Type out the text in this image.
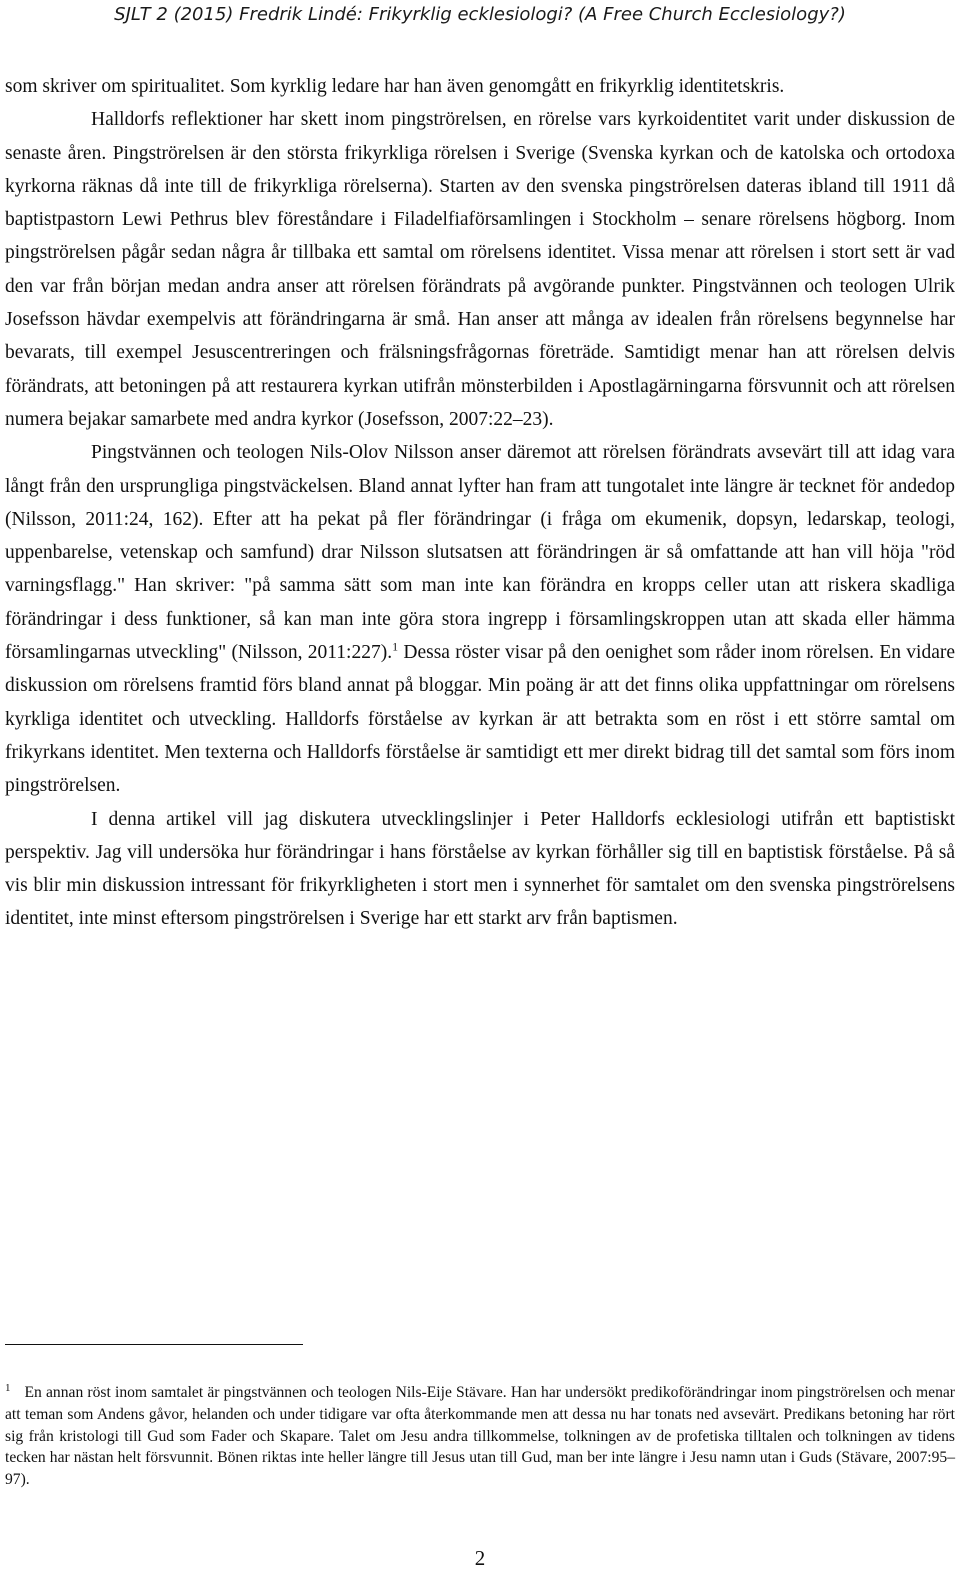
SJLT 2 (2015) Fredrik Lindé: Frikyrklig ecklesiologi? (A Free Church Ecclesiology?)

som skriver om spiritualitet. Som kyrklig ledare har han även genomgått en frikyrklig identitetskris.

Halldorfs reflektioner har skett inom pingströrelsen, en rörelse vars kyrkoidentitet varit under diskussion de senaste åren. Pingströrelsen är den största frikyrkliga rörelsen i Sverige (Svenska kyrkan och de katolska och ortodoxa kyrkorna räknas då inte till de frikyrkliga rörelserna). Starten av den svenska pingströrelsen dateras ibland till 1911 då baptistpastorn Lewi Pethrus blev föreståndare i Filadelfiaförsamlingen i Stockholm – senare rörelsens högborg. Inom pingströrelsen pågår sedan några år tillbaka ett samtal om rörelsens identitet. Vissa menar att rörelsen i stort sett är vad den var från början medan andra anser att rörelsen förändrats på avgörande punkter. Pingstvännen och teologen Ulrik Josefsson hävdar exempelvis att förändringarna är små. Han anser att många av idealen från rörelsens begynnelse har bevarats, till exempel Jesuscentreringen och frälsningsfrågornas företräde. Samtidigt menar han att rörelsen delvis förändrats, att betoningen på att restaurera kyrkan utifrån mönsterbilden i Apostlagärningarna försvunnit och att rörelsen numera bejakar samarbete med andra kyrkor (Josefsson, 2007:22–23).

Pingstvännen och teologen Nils-Olov Nilsson anser däremot att rörelsen förändrats avsevärt till att idag vara långt från den ursprungliga pingstväckelsen. Bland annat lyfter han fram att tungotalet inte längre är tecknet för andedop (Nilsson, 2011:24, 162). Efter att ha pekat på fler förändringar (i fråga om ekumenik, dopsyn, ledarskap, teologi, uppenbarelse, vetenskap och samfund) drar Nilsson slutsatsen att förändringen är så omfattande att han vill höja "röd varningsflagg." Han skriver: "på samma sätt som man inte kan förändra en kropps celler utan att riskera skadliga förändringar i dess funktioner, så kan man inte göra stora ingrepp i församlingskroppen utan att skada eller hämma församlingarnas utveckling" (Nilsson, 2011:227).$^1$ Dessa röster visar på den oenighet som råder inom rörelsen. En vidare diskussion om rörelsens framtid förs bland annat på bloggar. Min poäng är att det finns olika uppfattningar om rörelsens kyrkliga identitet och utveckling. Halldorfs förståelse av kyrkan är att betrakta som en röst i ett större samtal om frikyrkans identitet. Men texterna och Halldorfs förståelse är samtidigt ett mer direkt bidrag till det samtal som förs inom pingströrelsen.

I denna artikel vill jag diskutera utvecklingslinjer i Peter Halldorfs ecklesiologi utifrån ett baptistiskt perspektiv. Jag vill undersöka hur förändringar i hans förståelse av kyrkan förhåller sig till en baptistisk förståelse. På så vis blir min diskussion intressant för frikyrkligheten i stort men i synnerhet för samtalet om den svenska pingströrelsens identitet, inte minst eftersom pingströrelsen i Sverige har ett starkt arv från baptismen.

$^1$ En annan röst inom samtalet är pingstvännen och teologen Nils-Eije Stävare. Han har undersökt predikoförändringar inom pingströrelsen och menar att teman som Andens gåvor, helanden och under tidigare var ofta återkommande men att dessa nu har tonats ned avsevärt. Predikans betoning har rört sig från kristologi till Gud som Fader och Skapare. Talet om Jesu andra tillkommelse, tolkningen av de profetiska tilltalen och tolkningen av tidens tecken har nästan helt försvunnit. Bönen riktas inte heller längre till Jesus utan till Gud, man ber inte längre i Jesu namn utan i Guds (Stävare, 2007:95–97).

2
